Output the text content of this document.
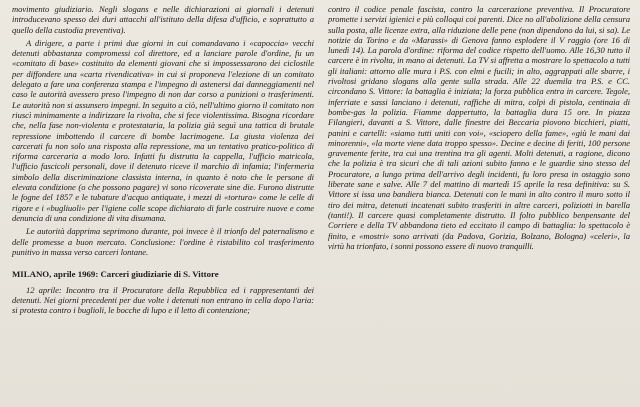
movimento giudiziario. Negli slogans e nelle dichiarazioni ai giornali i detenuti introducevano spesso dei duri attacchi all'istituto della difesa d'ufficio, e soprattutto a quello della custodia preventiva).

A dirigere, a parte i primi due giorni in cui comandavano i «capoccia» vecchi detenuti abbastanza compromessi col direttore, ed a lanciare parole d'ordine, fu un «comitato di base» costituito da elementi giovani che si impossessarono dei ciclostile per diffondere una «carta rivendicativa» in cui si proponeva l'elezione di un comitato delegato a fare una conferenza stampa e l'impegno di astenersi dai danneggiamenti nel caso le autorità avessero preso l'impegno di non dar corso a punizioni o trasferimenti. Le autorità non si assunsero impegni. In seguito a ciò, nell'ultimo giorno il comitato non riuscì minimamente a indirizzare la rivolta, che si fece violentissima. Bisogna ricordare che, nella fase non-violenta e protestataria, la polizia già seguì una tattica di brutale repressione imbottendo il carcere di bombe lacrimogene. La giusta violenza dei carcerati fu non solo una risposta alla repressione, ma un tentativo pratico-politico di riforma carceraria a modo loro. Infatti fu distrutta la cappella, l'ufficio matricola, l'ufficio fascicoli personali, dove il detenuto riceve il marchio di infamia; l'infermeria simbolo della discriminazione classista interna, in quanto è noto che le persone di elevata condizione (o che possono pagare) vi sono ricoverate sine die. Furono distrutte le fogne del 1857 e le tubature d'acquo antiquate, i mezzi di «tortura» come le celle di rigore e i «bugliuoli» per l'igiene colle scope dichiarato di farle costruire nuove e come denuncia di una condizione di vita disumana.

Le autorità dapprima seprimono durante, poi invece è il trionfo del paternalismo e delle promesse a buon mercato. Conclusione: l'ordine è ristabilito col trasferimento punitivo in massa verso carceri lontane.

MILANO, aprile 1969: Carceri giudiziarie di S. Vittore

12 aprile: Incontro tra il Procuratore della Repubblica ed i rappresentanti dei detenuti. Nei giorni precedenti per due volte i detenuti non entrano in cella dopo l'aria: si protesta contro i buglioli, le bocche di lupo e il letto di contenzione;

contro il codice penale fascista, contro la carcerazione preventiva. Il Procuratore promette i servizi igienici e più colloqui coi parenti. Dice no all'abolizione della censura sulla posta, alle licenze extra, alla riduzione delle pene (non dipendono da lui, si sa). Le notizie da Torino e da «Marassi» di Genova fanno esplodere il V raggio (ore 16 di lunedì 14). La parola d'ordine: riforma del codice rispetto dell'uomo. Alle 16,30 tutto il carcere è in rivolta, in mano ai detenuti. La TV si affretta a mostrare lo spettacolo a tutti gli italiani: attorno alle mura i P.S. con elmi e fucili; in alto, aggrappati alle sbarre, i rivoltosi gridano slogans alla gente sulla strada. Alle 22 duemila tra P.S. e CC. circondano S. Vittore: la battaglia è iniziata; la forza pubblica entra in carcere. Tegole, inferriate e sassi lanciano i detenuti, raffiche di mitra, colpi di pistola, centinaia di bombe-gas la polizia. Fiamme dappertutto, la battaglia dura 15 ore. In piazza Filangieri, davanti a S. Vittore, dalle finestre dei Beccaria piovono bicchieri, piatti, panini e cartelli: «siamo tutti uniti con voi», «sciopero della fame», «giù le mani dai minorenni», «la morte viene data troppo spesso». Decine e decine di feriti, 100 persone gravemente ferite, tra cui una trentina tra gli agenti. Molti detenuti, a ragione, dicono che la polizia è tra sicuri che di tali azioni subito fanno e le guardie sino stesso del Procuratore, a lungo prima dell'arrivo degli incidenti, fu loro presa in ostaggio sono liberate sane e salve. Alle 7 del mattino di martedì 15 aprile la resa definitiva: su S. Vittore si issa una bandiera bianca. Detenuti con le mani in alto contro il muro sotto il tiro dei mitra, detenuti incatenati subito trasferiti in altre carceri, poliziotti in barella (tanti!). Il carcere quasi completamente distrutto. Il folto pubblico benpensante del Corriere e della TV abbandona tieto ed eccitato il campo di battaglia: lo spettacolo è finito, e «mostri» sono arrivati (da Padova, Gorizia, Bolzano, Bologna) «celeri», la virtù ha trionfato, i sonni possono essere di nuovo tranquilli.
